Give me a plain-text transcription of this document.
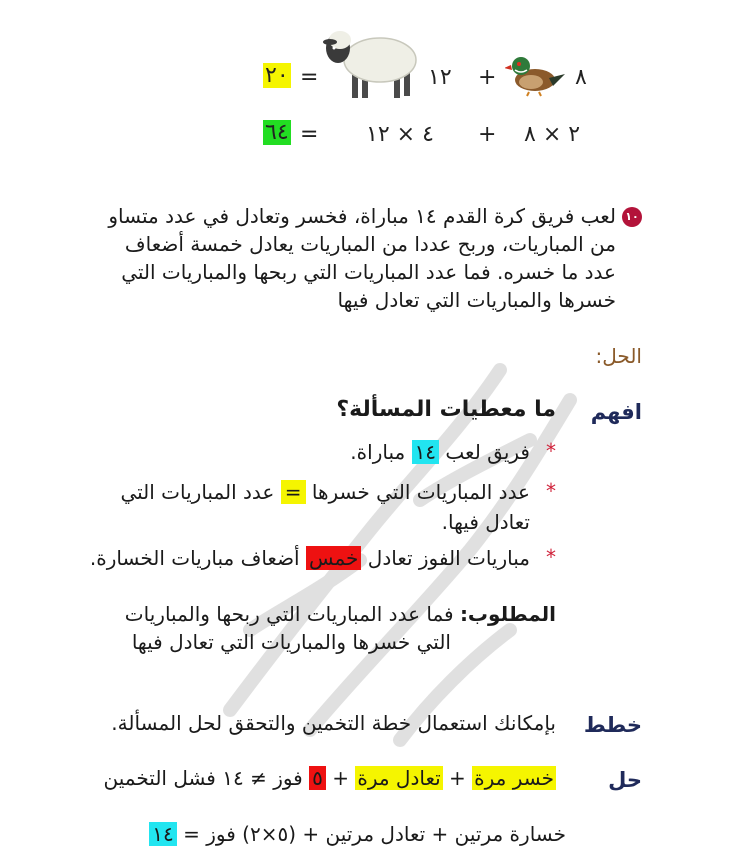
٨
+
١٢
=
٢٠
٢ × ٨
+
٤ × ١٢
=
٦٤
١٠
لعب فريق كرة القدم ١٤ مباراة، فخسر وتعادل في عدد متساو
من المباريات، وربح عددا من المباريات يعادل خمسة أضعاف
عدد ما خسره. فما عدد المباريات التي ربحها والمباريات التي
خسرها والمباريات التي تعادل فيها
الحل:
افهم
ما معطيات المسألة؟
*
فريق لعب ١٤ مباراة.
*
عدد المباريات التي خسرها = عدد المباريات التي
تعادل فيها.
*
مباريات الفوز تعادل خمس أضعاف مباريات الخسارة.
المطلوب: فما عدد المباريات التي ربحها والمباريات
التي خسرها والمباريات التي تعادل فيها
خطط
بإمكانك استعمال خطة التخمين والتحقق لحل المسألة.
حل
خسر مرة + تعادل مرة + ٥ فوز ≠ ١٤ فشل التخمين
خسارة مرتين + تعادل مرتين + (٥×٢) فوز = ١٤
